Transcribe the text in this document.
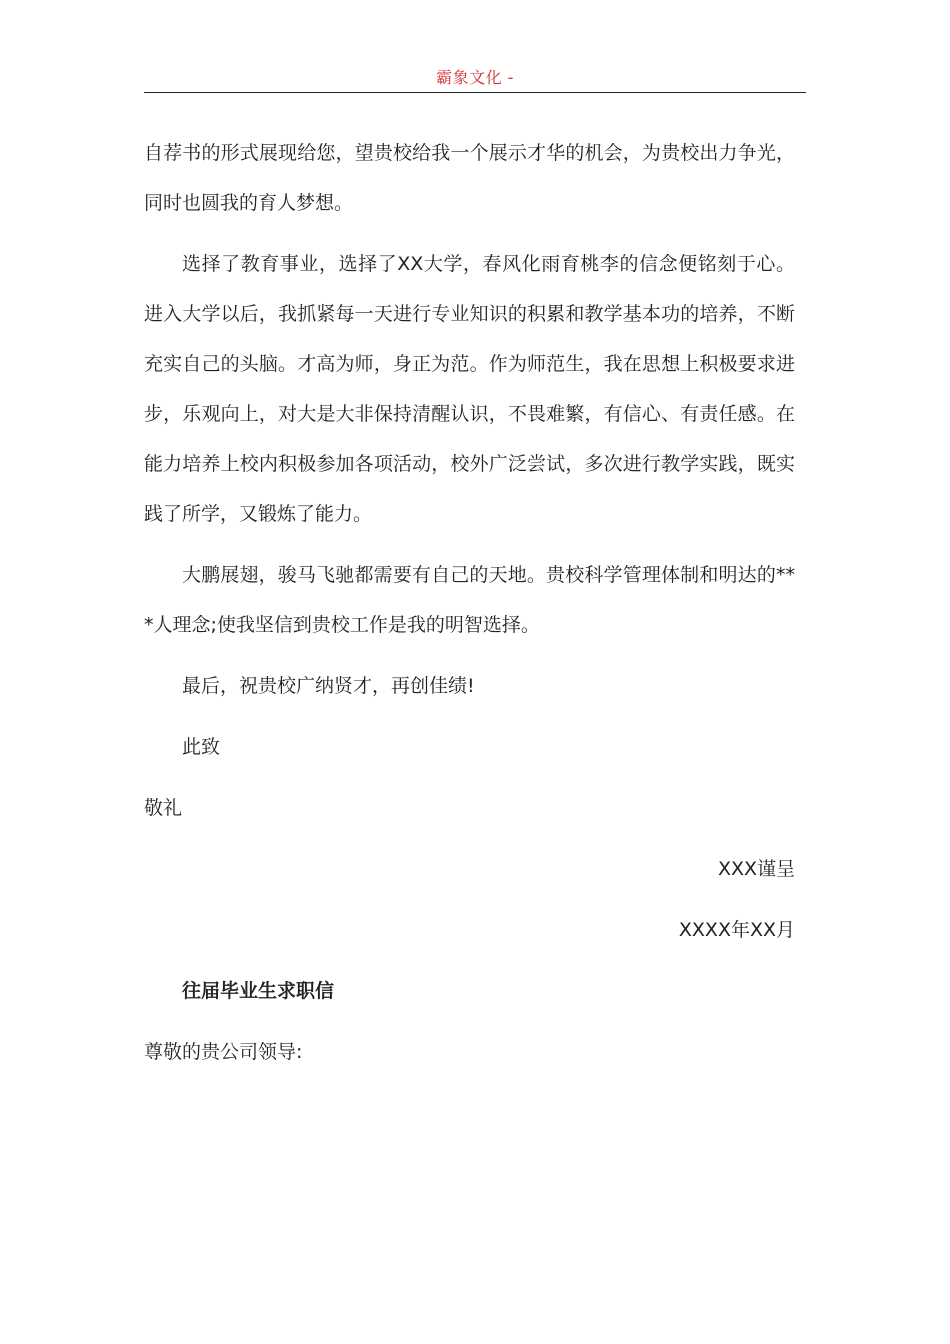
霸象文化 -

自荐书的形式展现给您，望贵校给我一个展示才华的机会，为贵校出力争光，同时也圆我的育人梦想。

选择了教育事业，选择了XX大学，春风化雨育桃李的信念便铭刻于心。进入大学以后，我抓紧每一天进行专业知识的积累和教学基本功的培养，不断充实自己的头脑。才高为师，身正为范。作为师范生，我在思想上积极要求进步，乐观向上，对大是大非保持清醒认识，不畏难繁，有信心、有责任感。在能力培养上校内积极参加各项活动，校外广泛尝试，多次进行教学实践，既实践了所学，又锻炼了能力。

大鹏展翅，骏马飞驰都需要有自己的天地。贵校科学管理体制和明达的***人理念;使我坚信到贵校工作是我的明智选择。

最后，祝贵校广纳贤才，再创佳绩!

此致

敬礼

XXX谨呈

XXXX年XX月

往届毕业生求职信

尊敬的贵公司领导:
